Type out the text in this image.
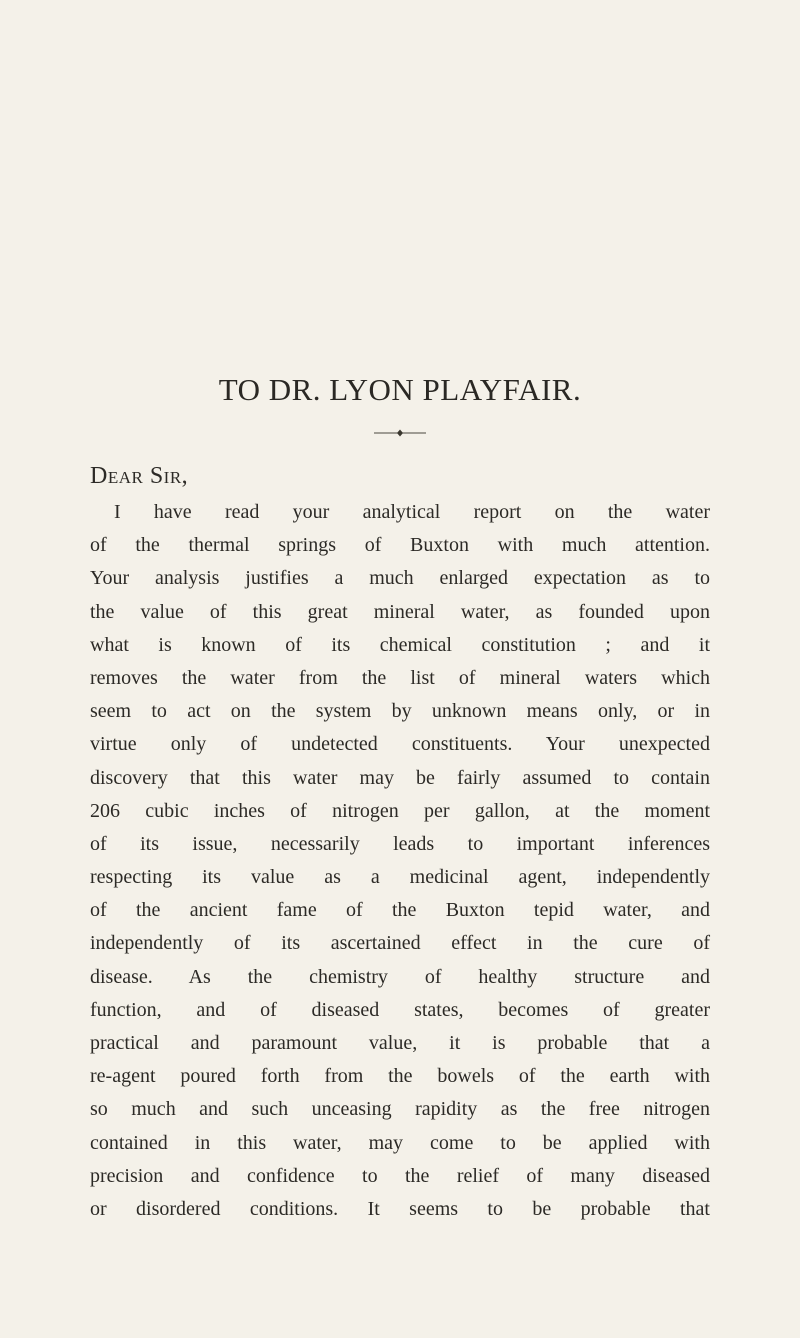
TO DR. LYON PLAYFAIR.
Dear Sir,
I have read your analytical report on the water
of the thermal springs of Buxton with much attention.
Your analysis justifies a much enlarged expectation as to
the value of this great mineral water, as founded upon
what is known of its chemical constitution ; and it
removes the water from the list of mineral waters which
seem to act on the system by unknown means only, or in
virtue only of undetected constituents. Your unexpected
discovery that this water may be fairly assumed to contain
206 cubic inches of nitrogen per gallon, at the moment
of its issue, necessarily leads to important inferences
respecting its value as a medicinal agent, independently
of the ancient fame of the Buxton tepid water, and
independently of its ascertained effect in the cure of
disease. As the chemistry of healthy structure and
function, and of diseased states, becomes of greater
practical and paramount value, it is probable that a
re-agent poured forth from the bowels of the earth with
so much and such unceasing rapidity as the free nitrogen
contained in this water, may come to be applied with
precision and confidence to the relief of many diseased
or disordered conditions. It seems to be probable that
